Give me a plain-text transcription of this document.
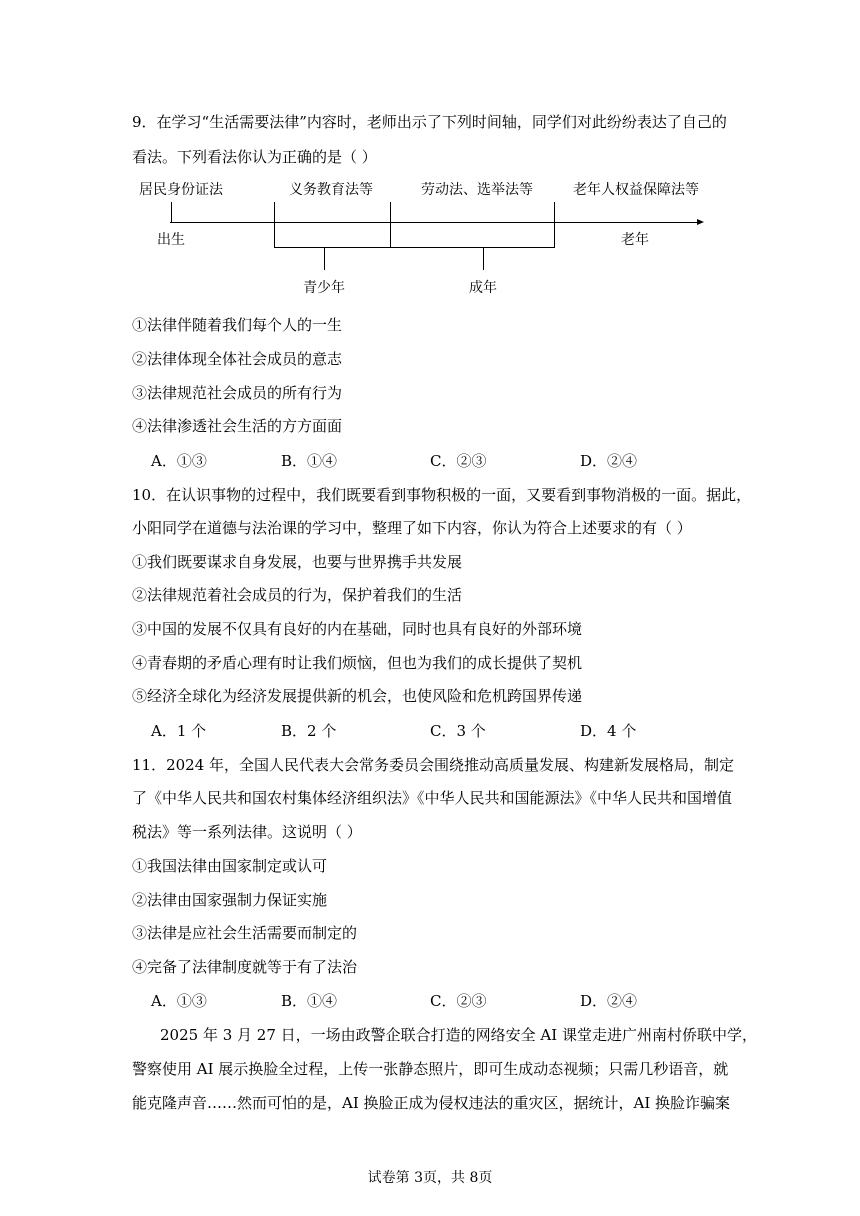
9．在学习“生活需要法律”内容时，老师出示了下列时间轴，同学们对此纷纷表达了自己的
看法。下列看法你认为正确的是（ ）
居民身份证法	义务教育法等	劳动法、选举法等	老年人权益保障法等
出生	老年
青少年	成年
①法律伴随着我们每个人的一生
②法律体现全体社会成员的意志
③法律规范社会成员的所有行为
④法律渗透社会生活的方方面面
A．①③	B．①④	C．②③	D．②④
10．在认识事物的过程中，我们既要看到事物积极的一面，又要看到事物消极的一面。据此，
小阳同学在道德与法治课的学习中，整理了如下内容，你认为符合上述要求的有（ ）
①我们既要谋求自身发展，也要与世界携手共发展
②法律规范着社会成员的行为，保护着我们的生活
③中国的发展不仅具有良好的内在基础，同时也具有良好的外部环境
④青春期的矛盾心理有时让我们烦恼，但也为我们的成长提供了契机
⑤经济全球化为经济发展提供新的机会，也使风险和危机跨国界传递
A．1 个	B．2 个	C．3 个	D．4 个
11．2024 年，全国人民代表大会常务委员会围绕推动高质量发展、构建新发展格局，制定
了《中华人民共和国农村集体经济组织法》《中华人民共和国能源法》《中华人民共和国增值
税法》等一系列法律。这说明（ ）
①我国法律由国家制定或认可
②法律由国家强制力保证实施
③法律是应社会生活需要而制定的
④完备了法律制度就等于有了法治
A．①③	B．①④	C．②③	D．②④
2025 年 3 月 27 日，一场由政警企联合打造的网络安全 AI 课堂走进广州南村侨联中学，
警察使用 AI 展示换脸全过程，上传一张静态照片，即可生成动态视频；只需几秒语音，就
能克隆声音……然而可怕的是，AI 换脸正成为侵权违法的重灾区，据统计，AI 换脸诈骗案
试卷第 3页，共 8页
